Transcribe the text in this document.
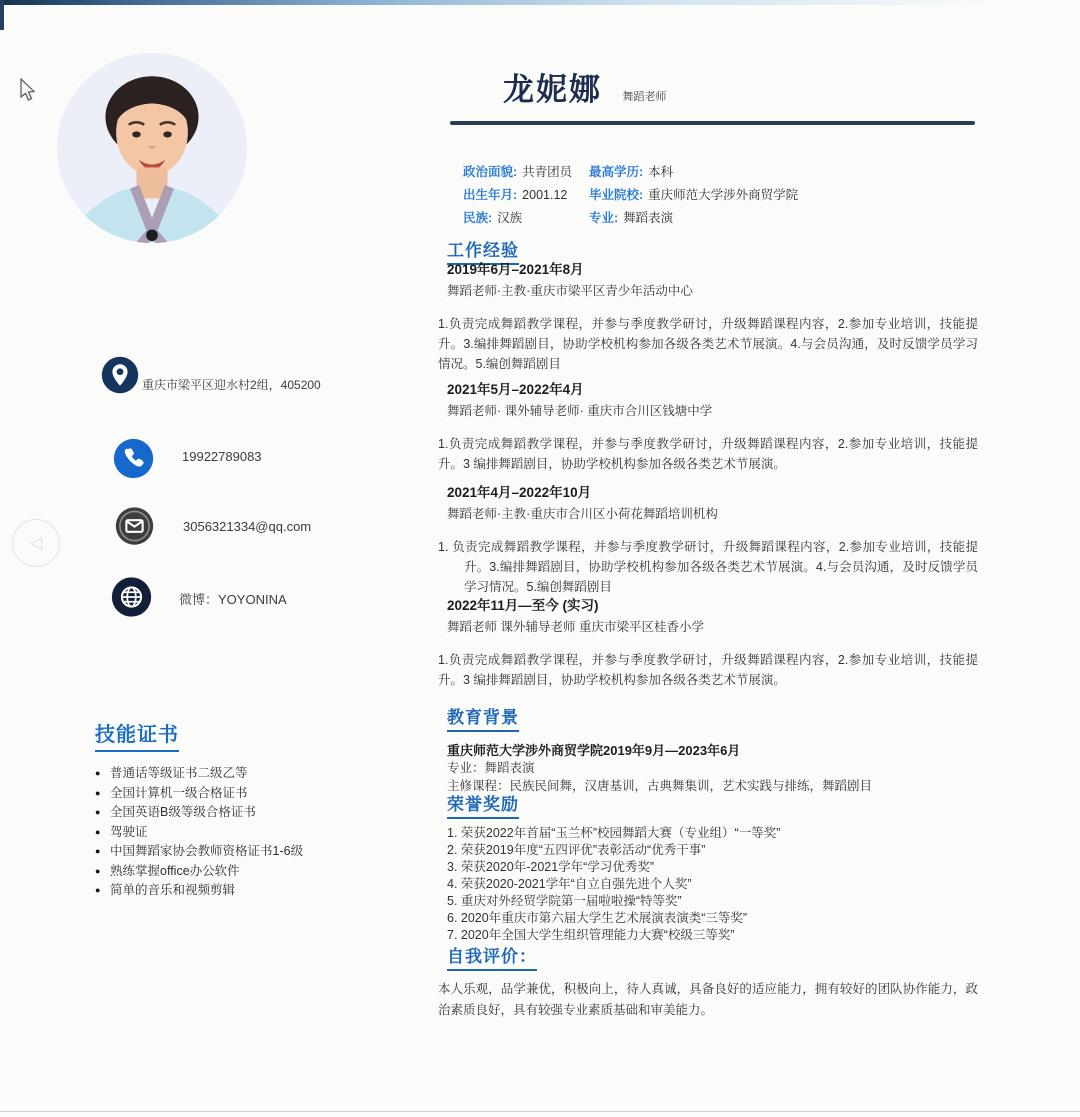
◁
重庆市梁平区迎水村2组，405200
19922789083
3056321334@qq.com
微博：YOYONINA
技能证书
● 普通话等级证书二级乙等
● 全国计算机一级合格证书
● 全国英语B级等级合格证书
● 驾驶证
● 中国舞蹈家协会教师资格证书1-6级
● 熟练掌握office办公软件
● 简单的音乐和视频剪辑
龙妮娜 舞蹈老师
政治面貌: 共青团员	最高学历: 本科
出生年月: 2001.12	毕业院校: 重庆师范大学涉外商贸学院
民族: 汉族	专业: 舞蹈表演
工作经验
2019年6月–2021年8月
舞蹈老师·主教·重庆市梁平区青少年活动中心
1.负责完成舞蹈教学课程，并参与季度教学研讨，升级舞蹈课程内容，2.参加专业培训，技能提升。3.编排舞蹈剧目，协助学校机构参加各级各类艺术节展演。4.与会员沟通，及时反馈学员学习情况。5.编创舞蹈剧目
2021年5月–2022年4月
舞蹈老师· 课外辅导老师· 重庆市合川区钱塘中学
1.负责完成舞蹈教学课程，并参与季度教学研讨，升级舞蹈课程内容，2.参加专业培训，技能提升。3 编排舞蹈剧目，协助学校机构参加各级各类艺术节展演。
2021年4月–2022年10月
舞蹈老师·主教·重庆市合川区小荷花舞蹈培训机构
1. 负责完成舞蹈教学课程，并参与季度教学研讨，升级舞蹈课程内容，2.参加专业培训，技能提升。3.编排舞蹈剧目，协助学校机构参加各级各类艺术节展演。4.与会员沟通，及时反馈学员学习情况。5.编创舞蹈剧目
2022年11月—至今 (实习)
舞蹈老师 课外辅导老师 重庆市梁平区桂香小学
1.负责完成舞蹈教学课程，并参与季度教学研讨，升级舞蹈课程内容，2.参加专业培训，技能提升。3 编排舞蹈剧目，协助学校机构参加各级各类艺术节展演。
教育背景
重庆师范大学涉外商贸学院2019年9月—2023年6月
专业：舞蹈表演
主修课程：民族民间舞，汉唐基训，古典舞集训，艺术实践与排练，舞蹈剧目
荣誉奖励
1. 荣获2022年首届“玉兰杯”校园舞蹈大赛（专业组）“一等奖”
2. 荣获2019年度“五四评优”表彰活动“优秀干事”
3. 荣获2020年-2021学年“学习优秀奖”
4. 荣获2020-2021学年“自立自强先进个人奖”
5. 重庆对外经贸学院第一届啦啦操“特等奖”
6. 2020年重庆市第六届大学生艺术展演表演类“三等奖”
7. 2020年全国大学生组织管理能力大赛“校级三等奖”
自我评价：
本人乐观，品学兼优，积极向上，待人真诚，具备良好的适应能力，拥有较好的团队协作能力，政治素质良好，具有较强专业素质基础和审美能力。
